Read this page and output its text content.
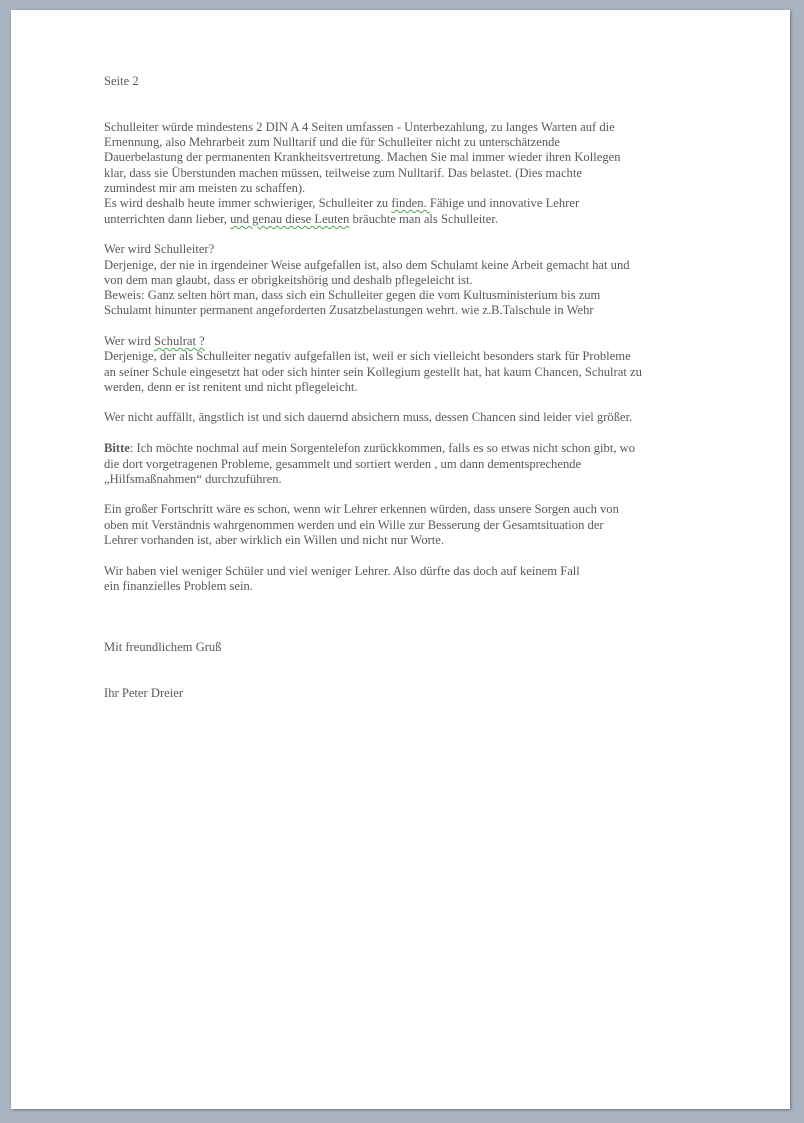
Seite 2
Schulleiter würde mindestens 2 DIN A 4 Seiten umfassen - Unterbezahlung, zu langes Warten auf die
Ernennung, also Mehrarbeit zum Nulltarif und die für Schulleiter nicht zu unterschätzende
Dauerbelastung der permanenten Krankheitsvertretung. Machen Sie mal immer wieder ihren Kollegen
klar, dass sie Überstunden machen müssen, teilweise zum Nulltarif. Das belastet. (Dies machte
zumindest mir am meisten zu schaffen).
Es wird deshalb heute immer schwieriger, Schulleiter zu finden. Fähige und innovative Lehrer
unterrichten dann lieber, und genau diese Leuten bräuchte man als Schulleiter.
Wer wird Schulleiter?
Derjenige, der nie in irgendeiner Weise aufgefallen ist, also dem Schulamt keine Arbeit gemacht hat und
von dem man glaubt, dass er obrigkeitshörig und deshalb pflegeleicht ist.
Beweis: Ganz selten hört man, dass sich ein Schulleiter gegen die vom Kultusministerium bis zum
Schulamt hinunter permanent angeforderten Zusatzbelastungen wehrt. wie z.B.Talschule in Wehr
Wer wird Schulrat ?
Derjenige, der als Schulleiter negativ aufgefallen ist, weil er sich vielleicht besonders stark für Probleme
an seiner Schule eingesetzt hat oder sich hinter sein Kollegium gestellt hat, hat kaum Chancen, Schulrat zu
werden, denn er ist renitent und nicht pflegeleicht.
Wer nicht auffällt, ängstlich ist und sich dauernd absichern muss, dessen Chancen sind leider viel größer.
Bitte: Ich möchte nochmal auf mein Sorgentelefon zurückkommen, falls es so etwas nicht schon gibt, wo
die dort vorgetragenen Probleme, gesammelt und sortiert werden , um dann dementsprechende
„Hilfsmaßnahmen“ durchzuführen.
Ein großer Fortschritt wäre es schon, wenn wir Lehrer erkennen würden, dass unsere Sorgen auch von
oben mit Verständnis wahrgenommen werden und ein Wille zur Besserung der Gesamtsituation der
Lehrer vorhanden ist, aber wirklich ein Willen und nicht nur Worte.
Wir haben viel weniger Schüler und viel weniger Lehrer. Also dürfte das doch auf keinem Fall
ein finanzielles Problem sein.
Mit freundlichem Gruß
Ihr Peter Dreier
